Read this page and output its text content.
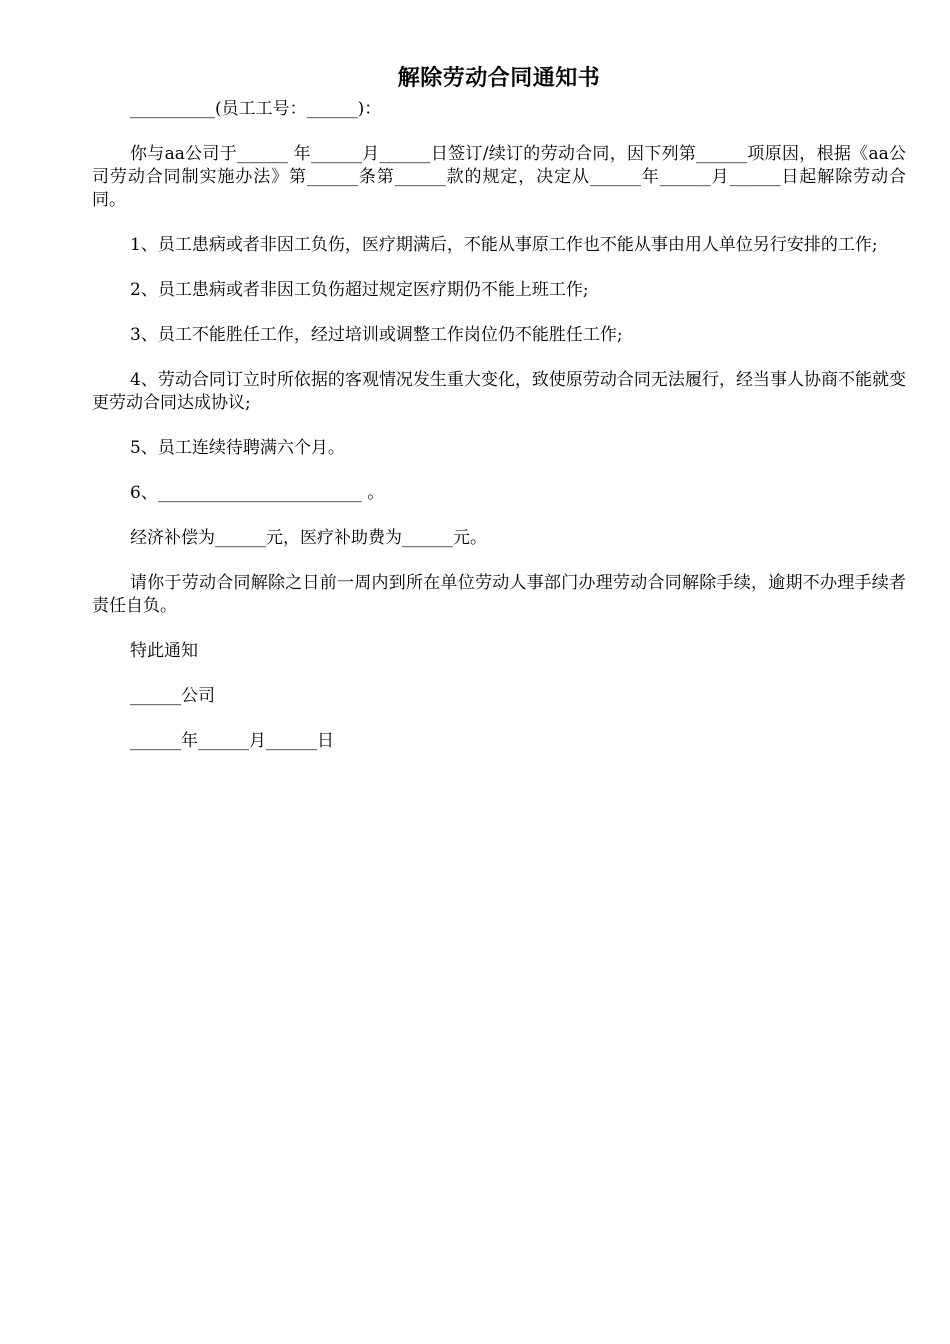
解除劳动合同通知书
__________(员工工号：______)：
你与aa公司于______ 年______月______日签订/续订的劳动合同，因下列第______项原因，根据《aa公司劳动合同制实施办法》第______条第______款的规定，决定从______年______月______日起解除劳动合同。
1、员工患病或者非因工负伤，医疗期满后，不能从事原工作也不能从事由用人单位另行安排的工作;
2、员工患病或者非因工负伤超过规定医疗期仍不能上班工作;
3、员工不能胜任工作，经过培训或调整工作岗位仍不能胜任工作;
4、劳动合同订立时所依据的客观情况发生重大变化，致使原劳动合同无法履行，经当事人协商不能就变更劳动合同达成协议;
5、员工连续待聘满六个月。
6、________________________ 。
经济补偿为______元，医疗补助费为______元。
请你于劳动合同解除之日前一周内到所在单位劳动人事部门办理劳动合同解除手续，逾期不办理手续者责任自负。
特此通知
______公司
______年______月______日
